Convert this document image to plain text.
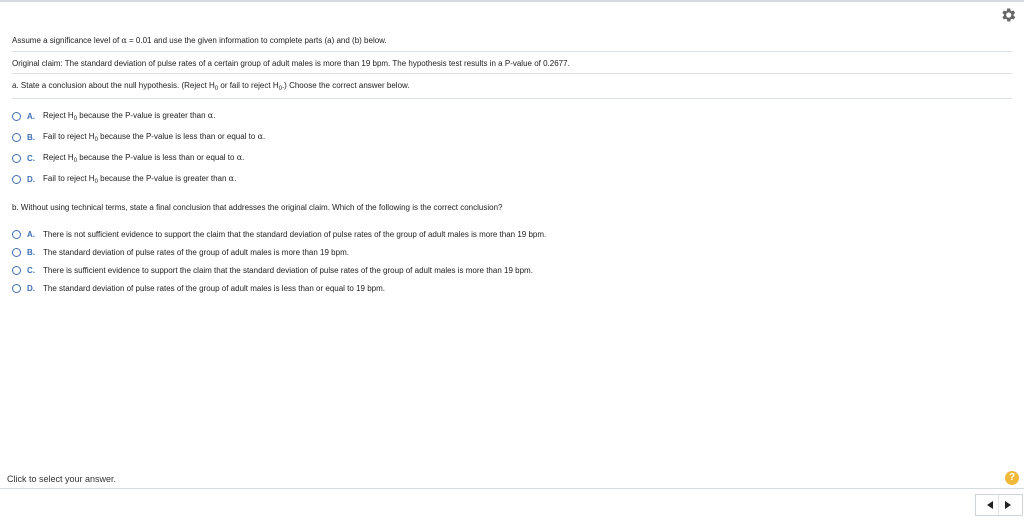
Assume a significance level of α = 0.01 and use the given information to complete parts (a) and (b) below.
Original claim: The standard deviation of pulse rates of a certain group of adult males is more than 19 bpm. The hypothesis test results in a P-value of 0.2677.
a. State a conclusion about the null hypothesis. (Reject $H_0$ or fail to reject $H_0$.) Choose the correct answer below.
A.	Reject $H_0$ because the P-value is greater than α.
B.	Fail to reject $H_0$ because the P-value is less than or equal to α.
C.	Reject $H_0$ because the P-value is less than or equal to α.
D.	Fail to reject $H_0$ because the P-value is greater than α.
b. Without using technical terms, state a final conclusion that addresses the original claim. Which of the following is the correct conclusion?
A.	There is not sufficient evidence to support the claim that the standard deviation of pulse rates of the group of adult males is more than 19 bpm.
B.	The standard deviation of pulse rates of the group of adult males is more than 19 bpm.
C.	There is sufficient evidence to support the claim that the standard deviation of pulse rates of the group of adult males is more than 19 bpm.
D.	The standard deviation of pulse rates of the group of adult males is less than or equal to 19 bpm.
Click to select your answer.	?
